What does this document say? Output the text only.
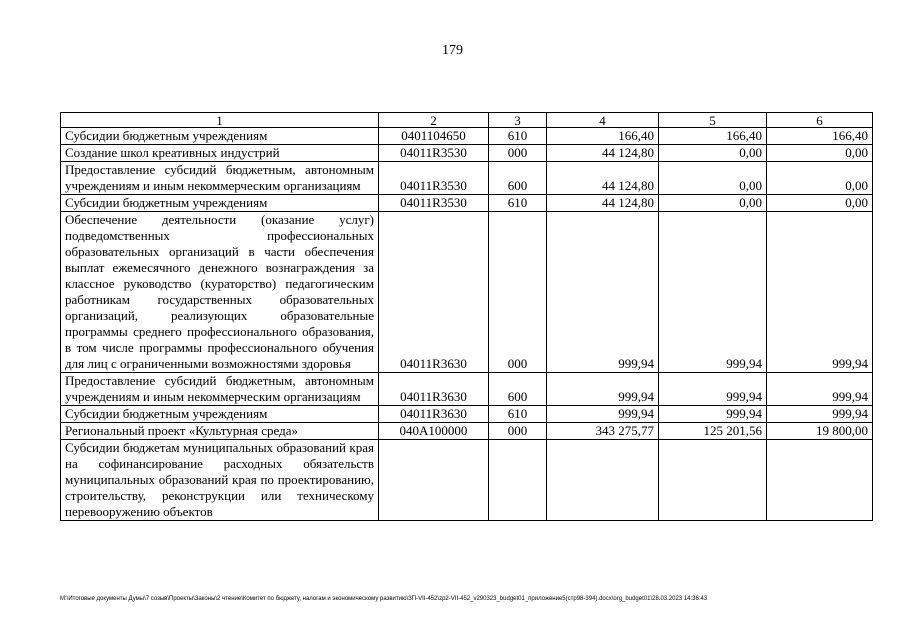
179
1	2	3	4	5	6
Субсидии бюджетным учреждениям	0401104650	610	166,40	166,40	166,40
Создание школ креативных индустрий	04011R3530	000	44 124,80	0,00	0,00
Предоставление субсидий бюджетным, автономным учреждениям и иным некоммерческим организациям	04011R3530	600	44 124,80	0,00	0,00
Субсидии бюджетным учреждениям	04011R3530	610	44 124,80	0,00	0,00
Обеспечение деятельности (оказание услуг) подведомственных профессиональных образовательных организаций в части обеспечения выплат ежемесячного денежного вознаграждения за классное руководство (кураторство) педагогическим работникам государственных образовательных организаций, реализующих образовательные программы среднего профессионального образования, в том числе программы профессионального обучения для лиц с ограниченными возможностями здоровья	04011R3630	000	999,94	999,94	999,94
Предоставление субсидий бюджетным, автономным учреждениям и иным некоммерческим организациям	04011R3630	600	999,94	999,94	999,94
Субсидии бюджетным учреждениям	04011R3630	610	999,94	999,94	999,94
Региональный проект «Культурная среда»	040A100000	000	343 275,77	125 201,56	19 800,00
Субсидии бюджетам муниципальных образований края на софинансирование расходных обязательств муниципальных образований края по проектированию, строительству, реконструкции или техническому перевооружению объектов					
M:\Итоговые документы Думы\7 созыв\Проекты\Законы\2 чтение\Комитет по бюджету, налогам и экономическому развитию\ЗП-VII-452\zp2-VII-452_v290323_budget01_приложение5(стр98-394).docx\org_budget01\28.03.2023 14:36:43
